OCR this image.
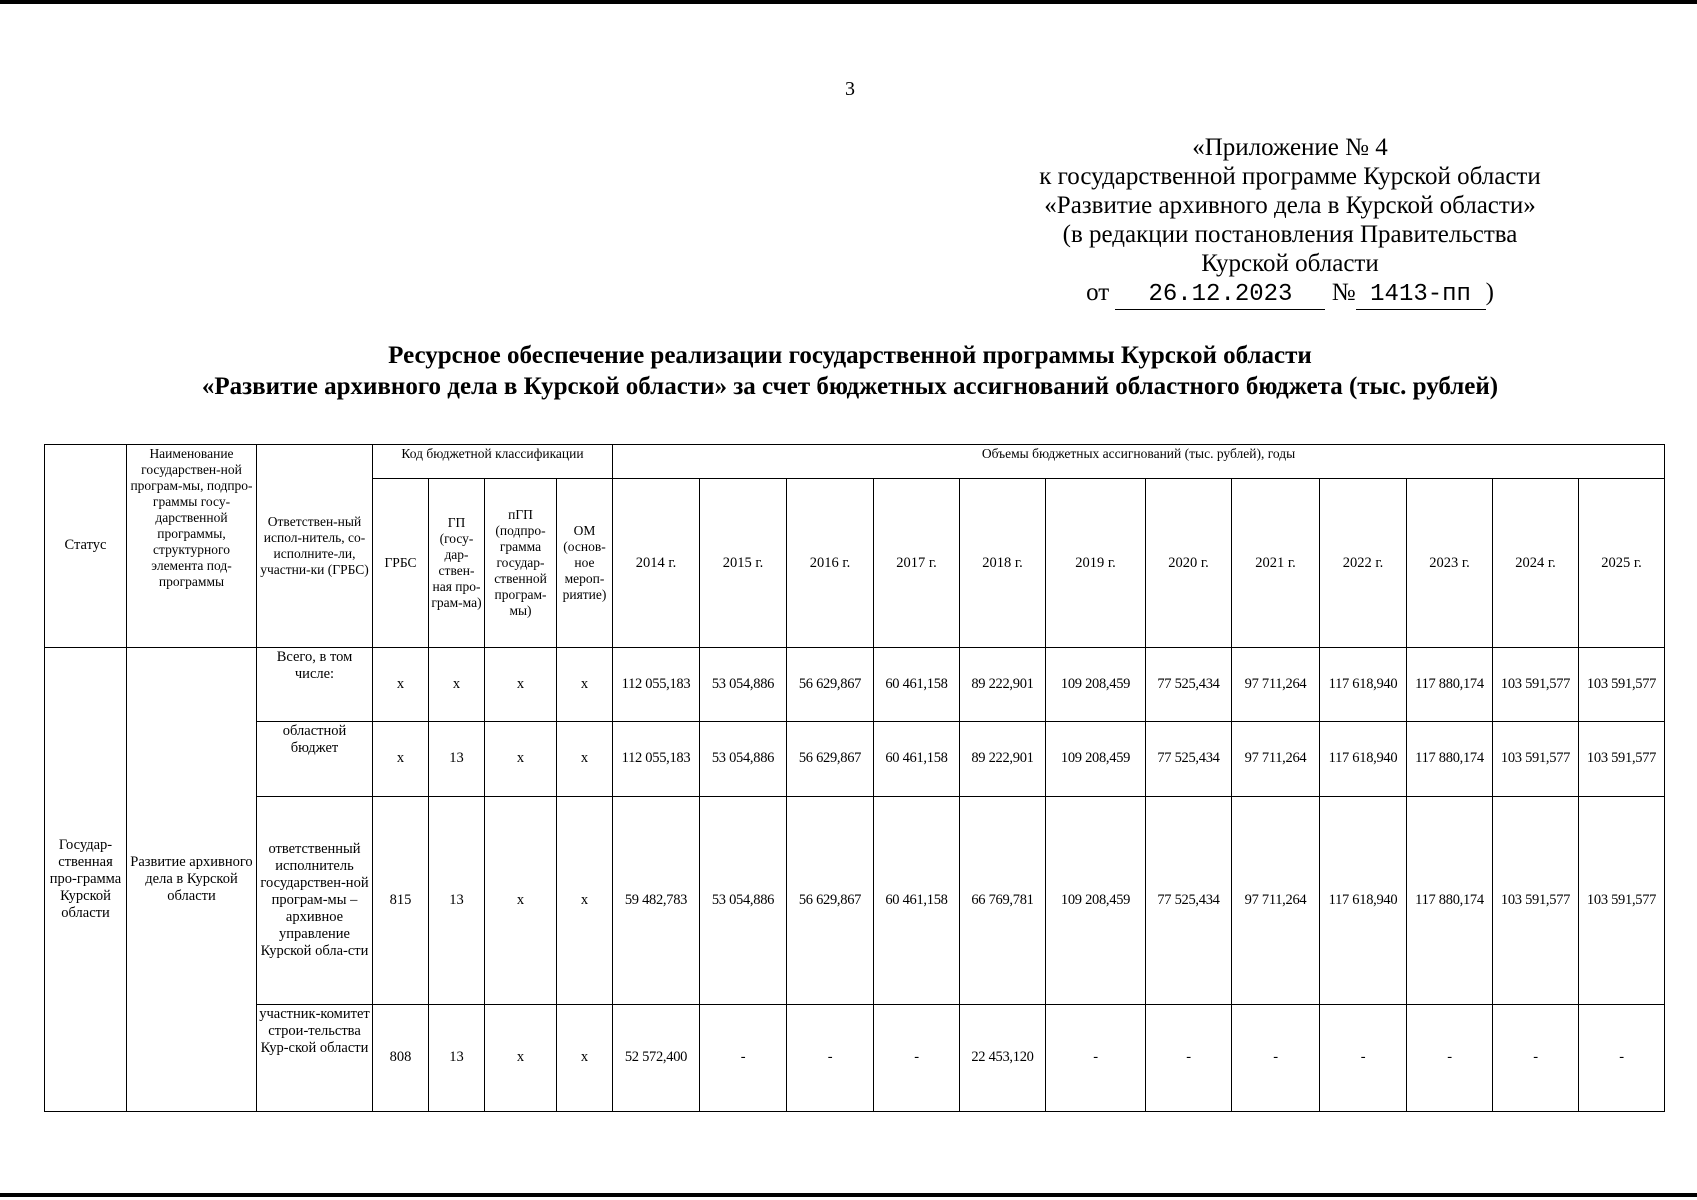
3
«Приложение № 4
к государственной программе Курской области
«Развитие архивного дела в Курской области»
(в редакции постановления Правительства
Курской области
от 26.12.2023 № 1413-пп )
Ресурсное обеспечение реализации государственной программы Курской области
«Развитие архивного дела в Курской области» за счет бюджетных ассигнований областного бюджета (тыс. рублей)
Статус	Наименование государствен-ной програм-мы, подпро-граммы госу-дарственной программы, структурного элемента под-программы	Ответствен-ный испол-нитель, со-исполните-ли, участни-ки (ГРБС)	Код бюджетной классификации				Объемы бюджетных ассигнований (тыс. рублей), годы											
			ГРБС	ГП (госу-дар-ствен-ная про-грам-ма)	пГП (подпро-грамма государ-ственной програм-мы)	ОМ (основ-ное мероп-риятие)	2014 г.	2015 г.	2016 г.	2017 г.	2018 г.	2019 г.	2020 г.	2021 г.	2022 г.	2023 г.	2024 г.	2025 г.
Государ-ственная про-грамма Курской области	Развитие архивного дела в Курской области	Всего, в том числе:	x	x	x	x	112 055,183	53 054,886	56 629,867	60 461,158	89 222,901	109 208,459	77 525,434	97 711,264	117 618,940	117 880,174	103 591,577	103 591,577
		областной бюджет	x	13	x	x	112 055,183	53 054,886	56 629,867	60 461,158	89 222,901	109 208,459	77 525,434	97 711,264	117 618,940	117 880,174	103 591,577	103 591,577
		ответственный исполнитель государствен-ной програм-мы – архивное управление Курской обла-сти	815	13	x	x	59 482,783	53 054,886	56 629,867	60 461,158	66 769,781	109 208,459	77 525,434	97 711,264	117 618,940	117 880,174	103 591,577	103 591,577
		участник-комитет строи-тельства Кур-ской области	808	13	x	x	52 572,400	-	-	-	22 453,120	-	-	-	-	-	-	-
